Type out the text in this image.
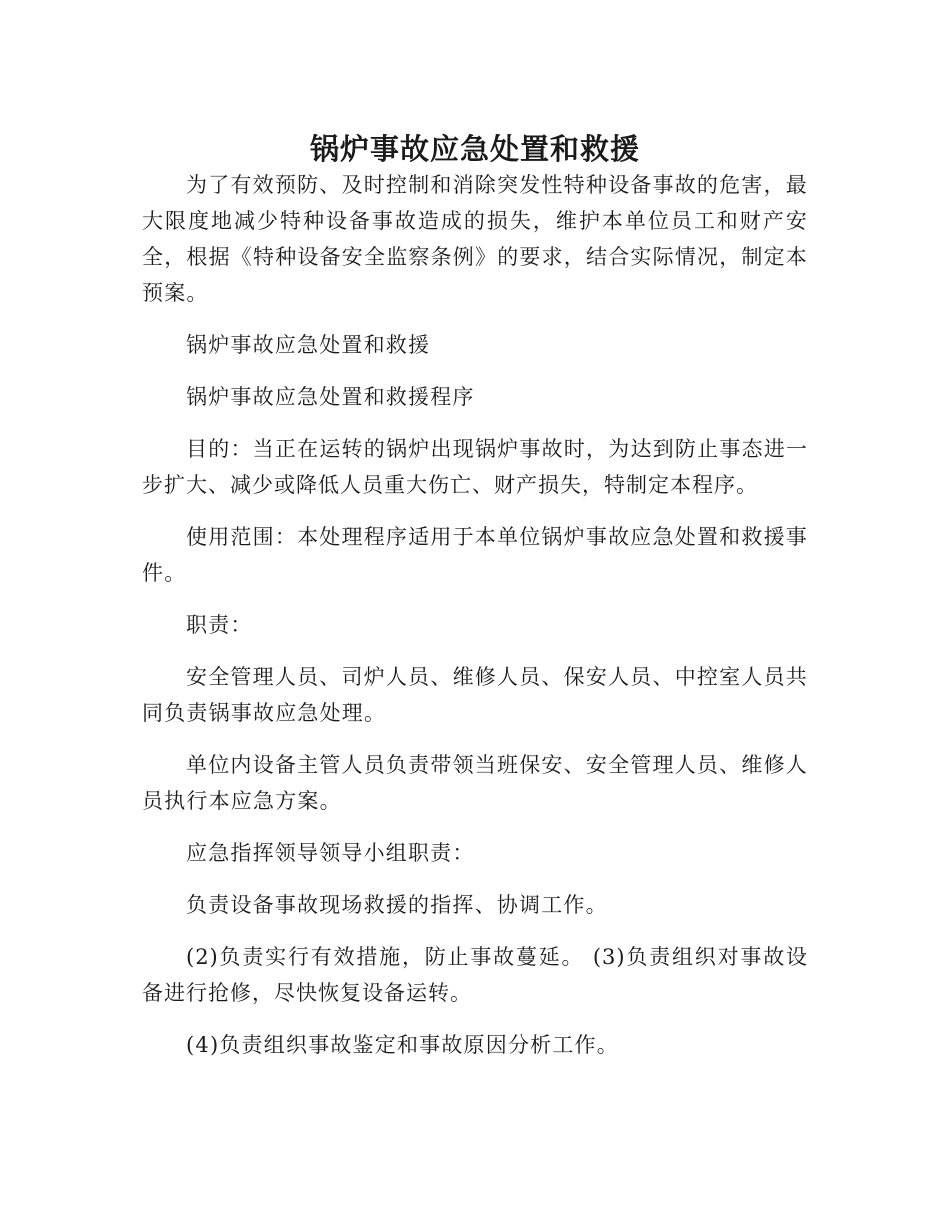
锅炉事故应急处置和救援

为了有效预防、及时控制和消除突发性特种设备事故的危害，最大限度地减少特种设备事故造成的损失，维护本单位员工和财产安全，根据《特种设备安全监察条例》的要求，结合实际情况，制定本预案。

锅炉事故应急处置和救援

锅炉事故应急处置和救援程序

目的：当正在运转的锅炉出现锅炉事故时，为达到防止事态进一步扩大、减少或降低人员重大伤亡、财产损失，特制定本程序。

使用范围：本处理程序适用于本单位锅炉事故应急处置和救援事件。

职责：

安全管理人员、司炉人员、维修人员、保安人员、中控室人员共同负责锅事故应急处理。

单位内设备主管人员负责带领当班保安、安全管理人员、维修人员执行本应急方案。

应急指挥领导领导小组职责：

负责设备事故现场救援的指挥、协调工作。

(2)负责实行有效措施，防止事故蔓延。 (3)负责组织对事故设备进行抢修，尽快恢复设备运转。

(4)负责组织事故鉴定和事故原因分析工作。
